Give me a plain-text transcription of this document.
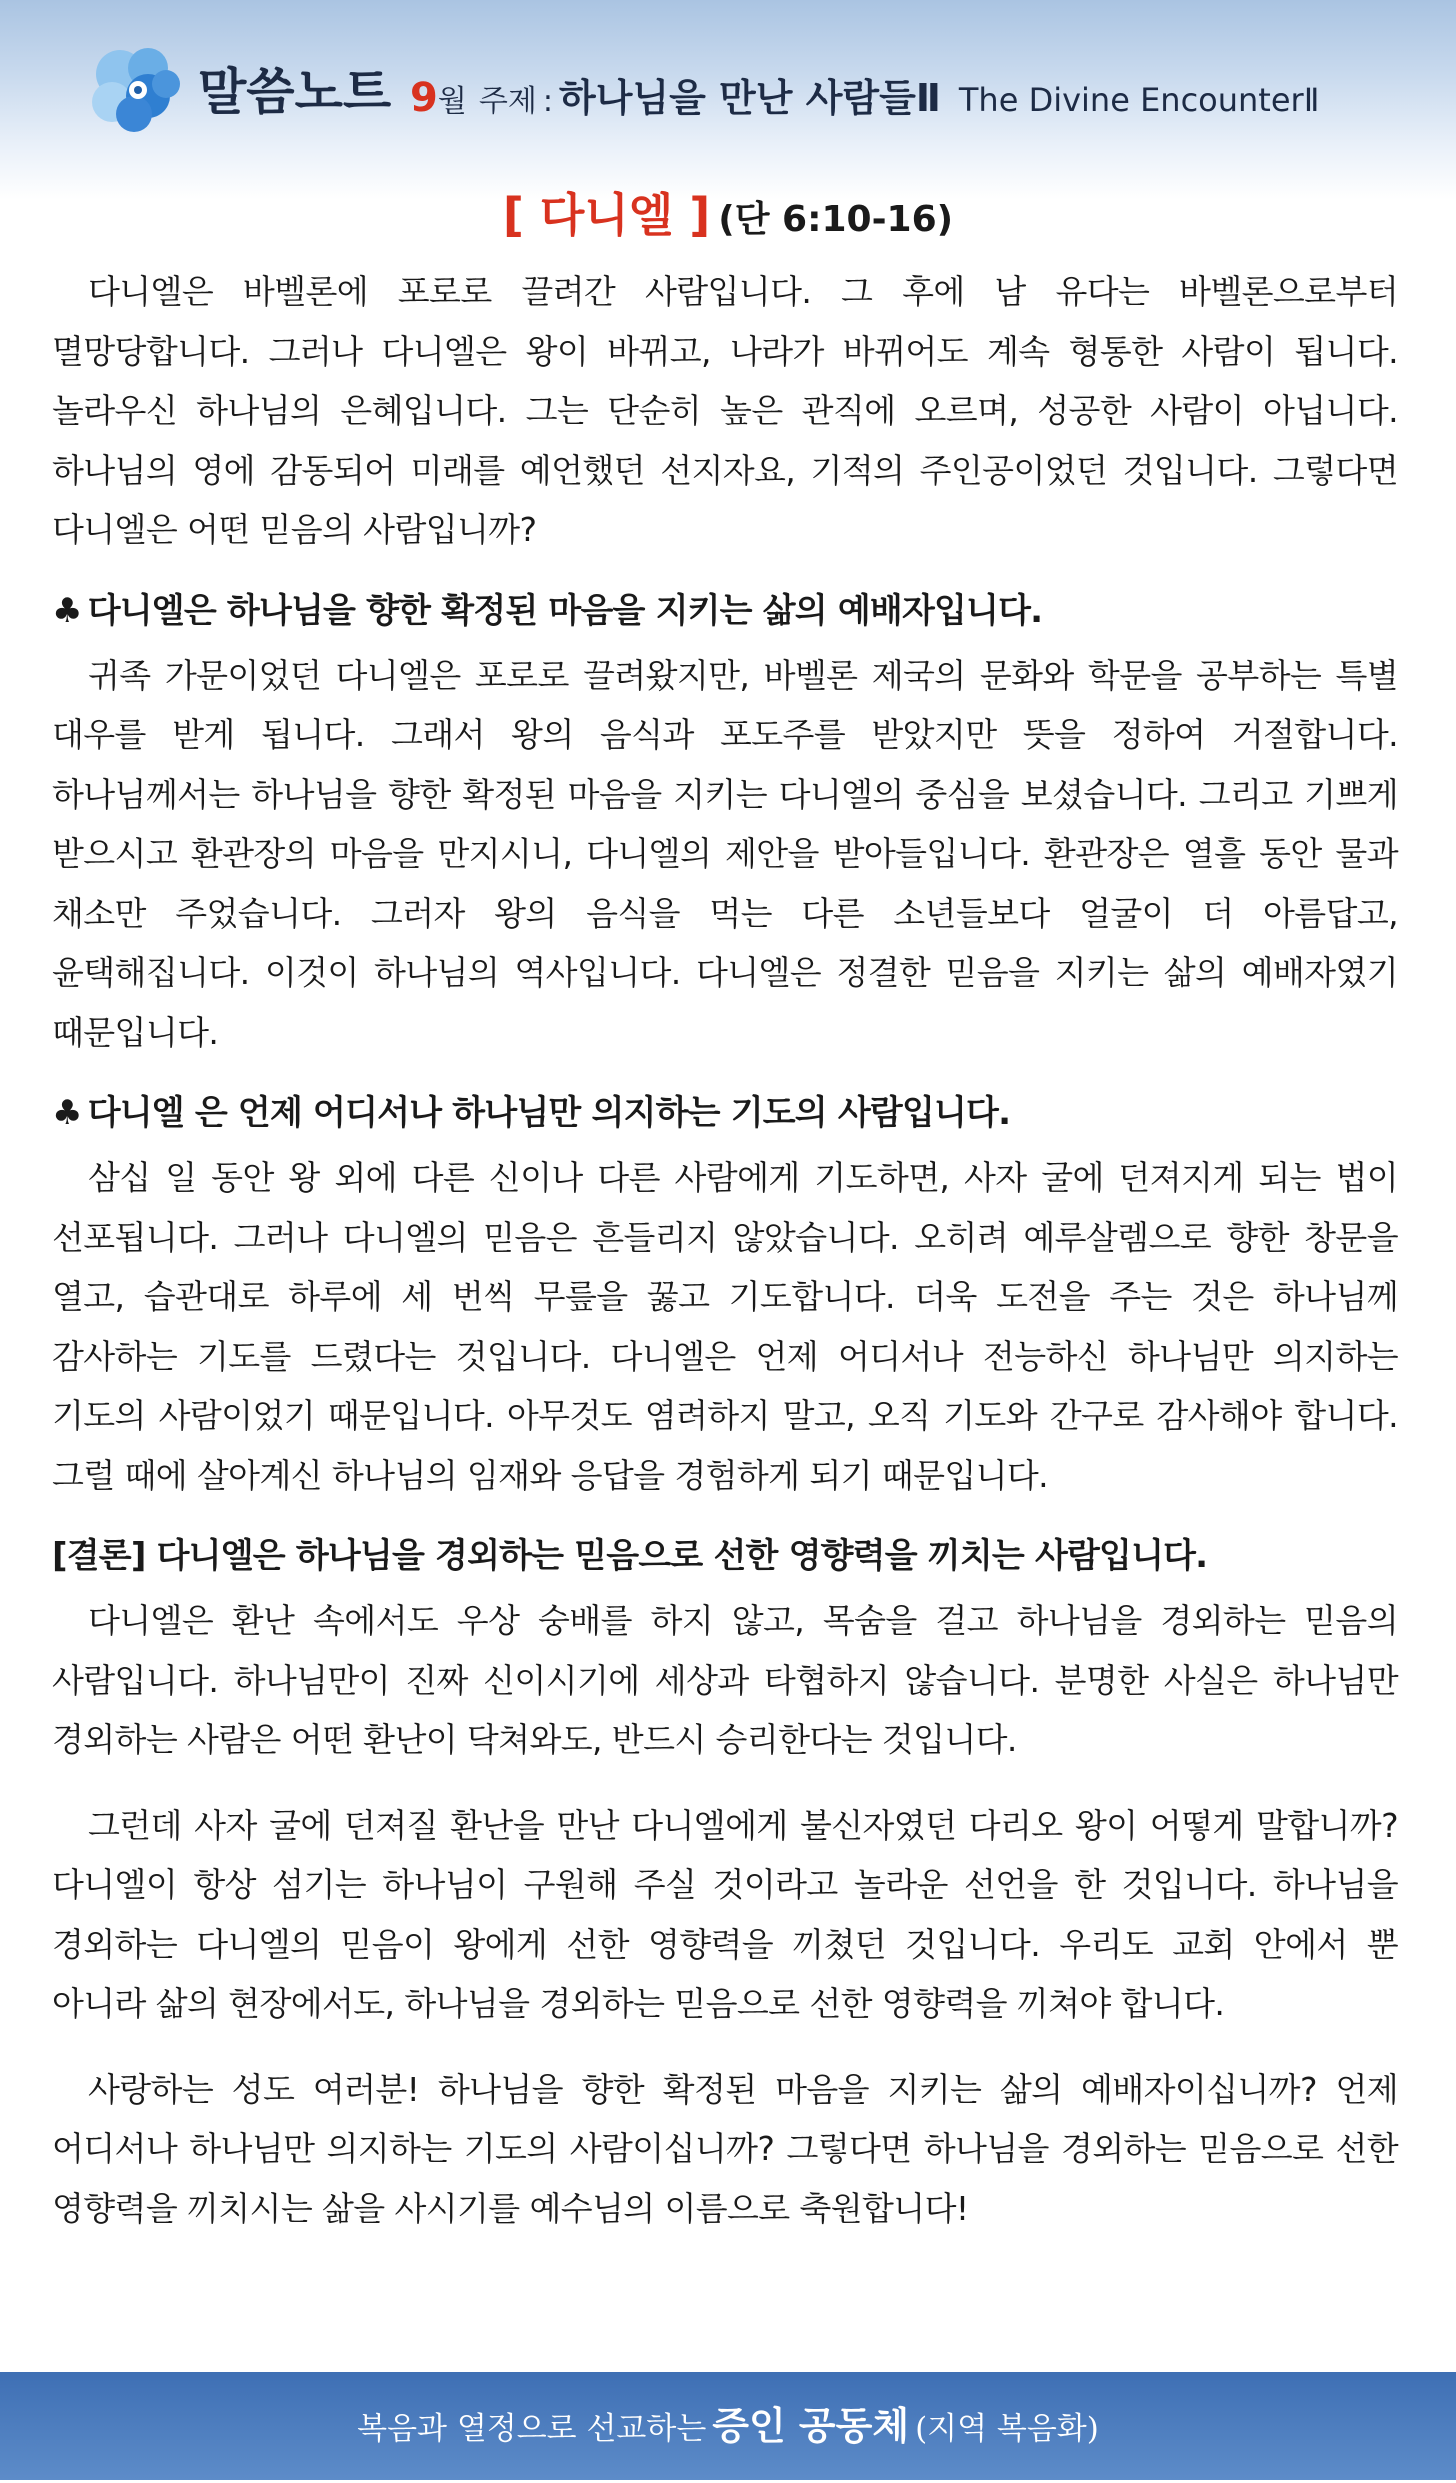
말씀노트 9월 주제 : 하나님을 만난 사람들Ⅱ The Divine EncounterⅡ
[ 다니엘 ] (단 6:10-16)

다니엘은 바벨론에 포로로 끌려간 사람입니다. 그 후에 남 유다는 바벨론으로부터 멸망당합니다. 그러나 다니엘은 왕이 바뀌고, 나라가 바뀌어도 계속 형통한 사람이 됩니다. 놀라우신 하나님의 은혜입니다. 그는 단순히 높은 관직에 오르며, 성공한 사람이 아닙니다. 하나님의 영에 감동되어 미래를 예언했던 선지자요, 기적의 주인공이었던 것입니다. 그렇다면 다니엘은 어떤 믿음의 사람입니까?

♣ 다니엘은 하나님을 향한 확정된 마음을 지키는 삶의 예배자입니다.

귀족 가문이었던 다니엘은 포로로 끌려왔지만, 바벨론 제국의 문화와 학문을 공부하는 특별 대우를 받게 됩니다. 그래서 왕의 음식과 포도주를 받았지만 뜻을 정하여 거절합니다. 하나님께서는 하나님을 향한 확정된 마음을 지키는 다니엘의 중심을 보셨습니다. 그리고 기쁘게 받으시고 환관장의 마음을 만지시니, 다니엘의 제안을 받아들입니다. 환관장은 열흘 동안 물과 채소만 주었습니다. 그러자 왕의 음식을 먹는 다른 소년들보다 얼굴이 더 아름답고, 윤택해집니다. 이것이 하나님의 역사입니다. 다니엘은 정결한 믿음을 지키는 삶의 예배자였기 때문입니다.

♣ 다니엘 은 언제 어디서나 하나님만 의지하는 기도의 사람입니다.

삼십 일 동안 왕 외에 다른 신이나 다른 사람에게 기도하면, 사자 굴에 던져지게 되는 법이 선포됩니다. 그러나 다니엘의 믿음은 흔들리지 않았습니다. 오히려 예루살렘으로 향한 창문을 열고, 습관대로 하루에 세 번씩 무릎을 꿇고 기도합니다. 더욱 도전을 주는 것은 하나님께 감사하는 기도를 드렸다는 것입니다. 다니엘은 언제 어디서나 전능하신 하나님만 의지하는 기도의 사람이었기 때문입니다. 아무것도 염려하지 말고, 오직 기도와 간구로 감사해야 합니다. 그럴 때에 살아계신 하나님의 임재와 응답을 경험하게 되기 때문입니다.

[결론] 다니엘은 하나님을 경외하는 믿음으로 선한 영향력을 끼치는 사람입니다.

다니엘은 환난 속에서도 우상 숭배를 하지 않고, 목숨을 걸고 하나님을 경외하는 믿음의 사람입니다. 하나님만이 진짜 신이시기에 세상과 타협하지 않습니다. 분명한 사실은 하나님만 경외하는 사람은 어떤 환난이 닥쳐와도, 반드시 승리한다는 것입니다.

그런데 사자 굴에 던져질 환난을 만난 다니엘에게 불신자였던 다리오 왕이 어떻게 말합니까? 다니엘이 항상 섬기는 하나님이 구원해 주실 것이라고 놀라운 선언을 한 것입니다. 하나님을 경외하는 다니엘의 믿음이 왕에게 선한 영향력을 끼쳤던 것입니다. 우리도 교회 안에서 뿐 아니라 삶의 현장에서도, 하나님을 경외하는 믿음으로 선한 영향력을 끼쳐야 합니다.

사랑하는 성도 여러분! 하나님을 향한 확정된 마음을 지키는 삶의 예배자이십니까? 언제 어디서나 하나님만 의지하는 기도의 사람이십니까? 그렇다면 하나님을 경외하는 믿음으로 선한 영향력을 끼치시는 삶을 사시기를 예수님의 이름으로 축원합니다!

복음과 열정으로 선교하는 증인 공동체 (지역 복음화)
